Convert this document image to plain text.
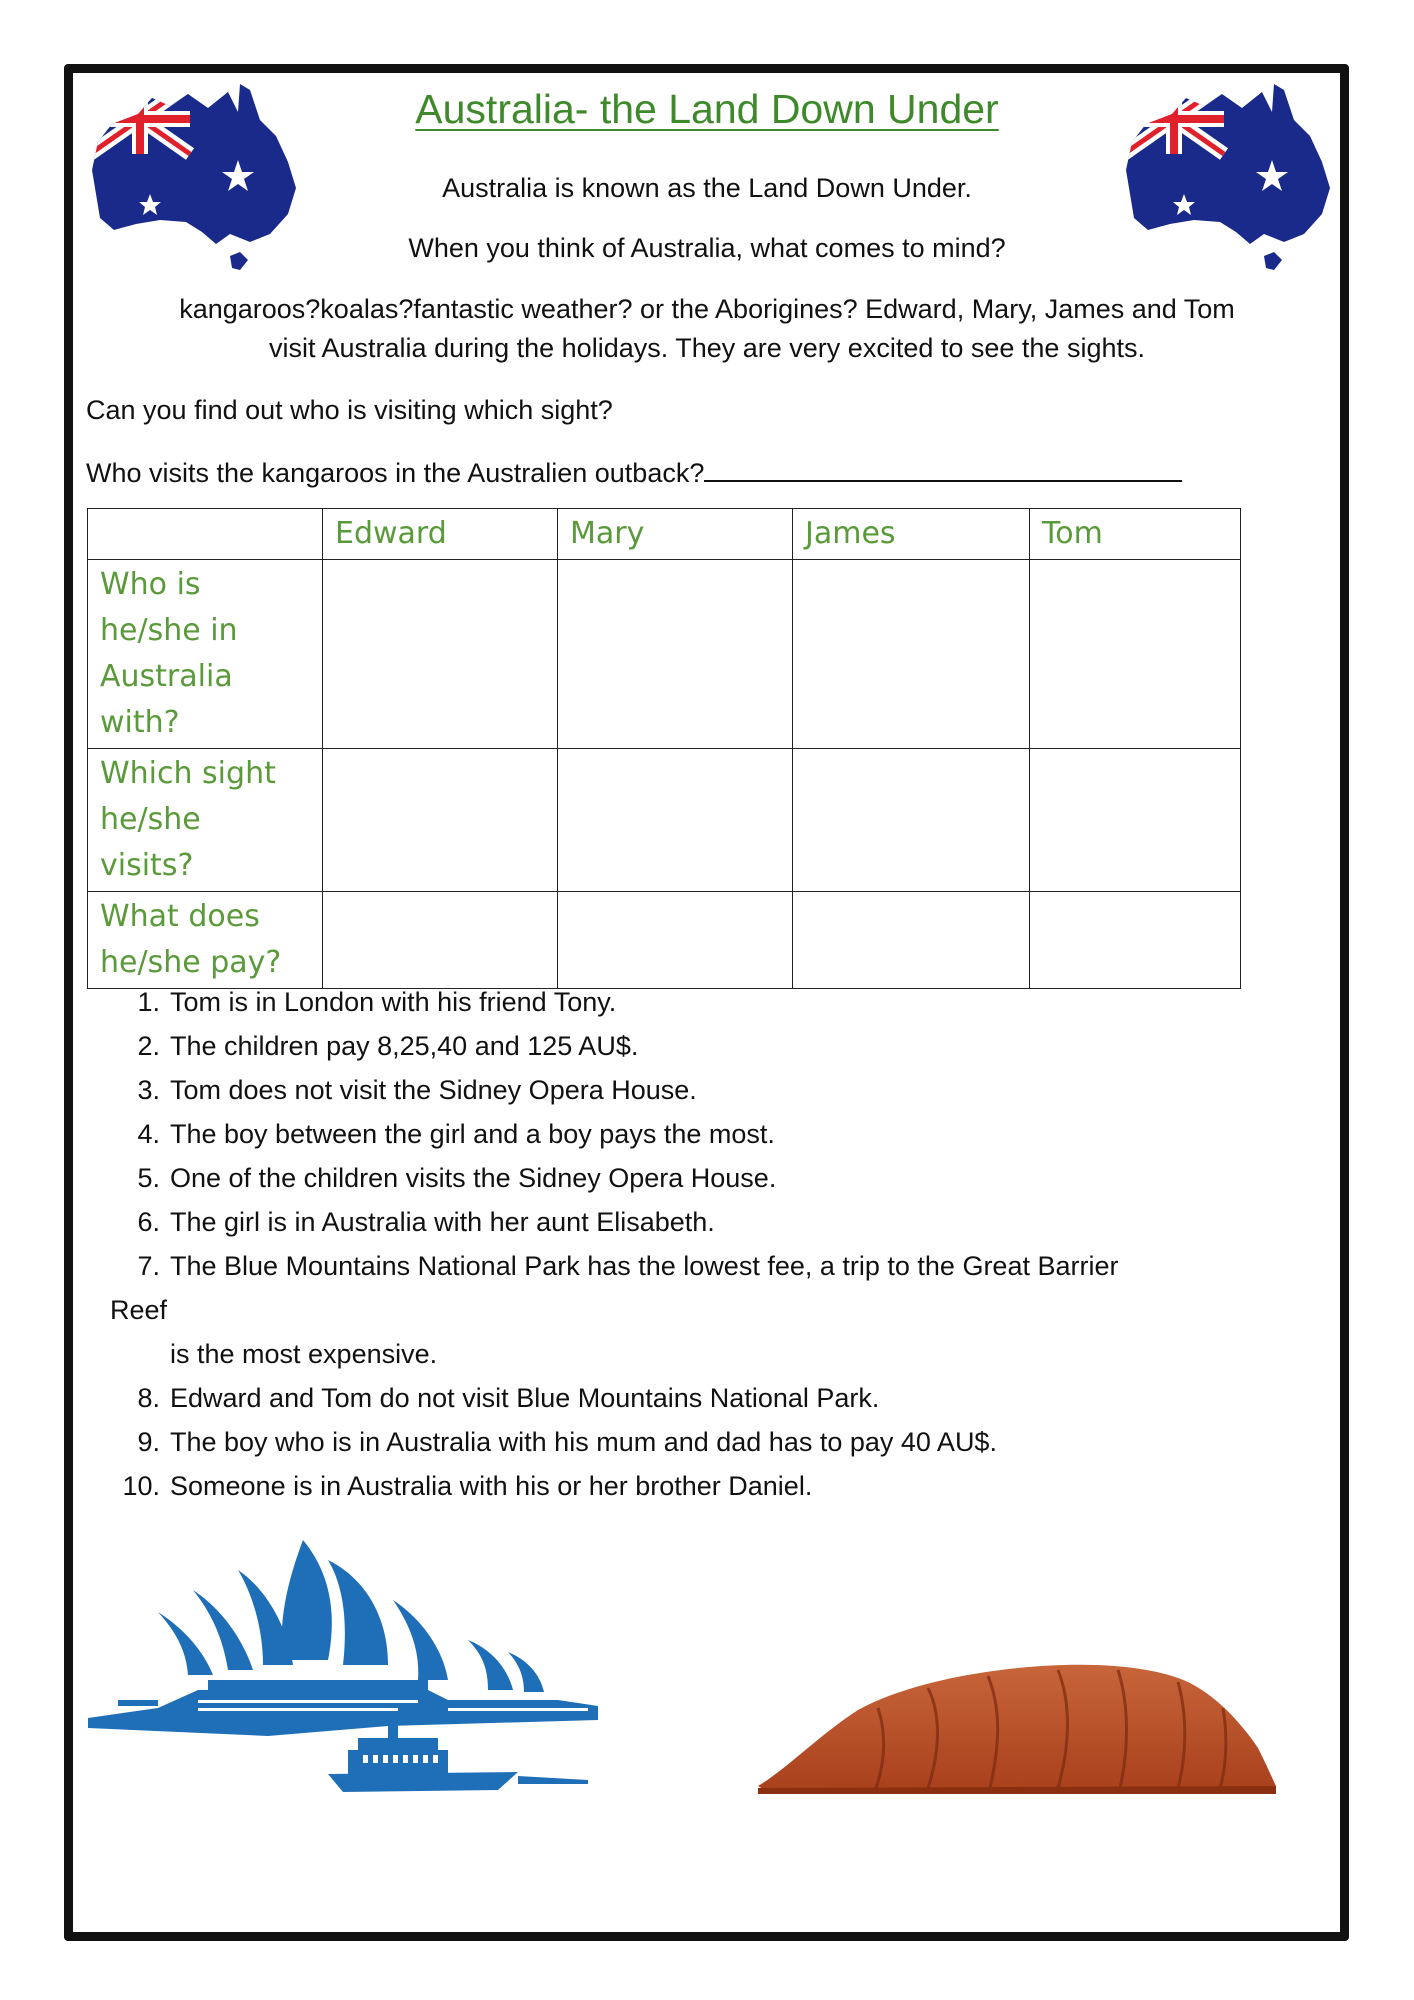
Australia- the Land Down Under
Australia is known as the Land Down Under.
When you think of Australia, what comes to mind?
kangaroos?koalas?fantastic weather? or the Aborigines? Edward, Mary, James and Tom
visit Australia during the holidays. They are very excited to see the sights.
Can you find out who is visiting which sight?
Who visits the kangaroos in the Australien outback?
	Edward	Mary	James	Tom

Who is
he/she in
Australia
with?				

Which sight
he/she
visits?				

What does
he/she pay?				

1. Tom is in London with his friend Tony.
2. The children pay 8,25,40 and 125 AU$.
3. Tom does not visit the Sidney Opera House.
4. The boy between the girl and a boy pays the most.
5. One of the children visits the Sidney Opera House.
6. The girl is in Australia with her aunt Elisabeth.
7. The Blue Mountains National Park has the lowest fee, a trip to the Great Barrier
Reef
is the most expensive.
8. Edward and Tom do not visit Blue Mountains National Park.
9. The boy who is in Australia with his mum and dad has to pay 40 AU$.
10. Someone is in Australia with his or her brother Daniel.
